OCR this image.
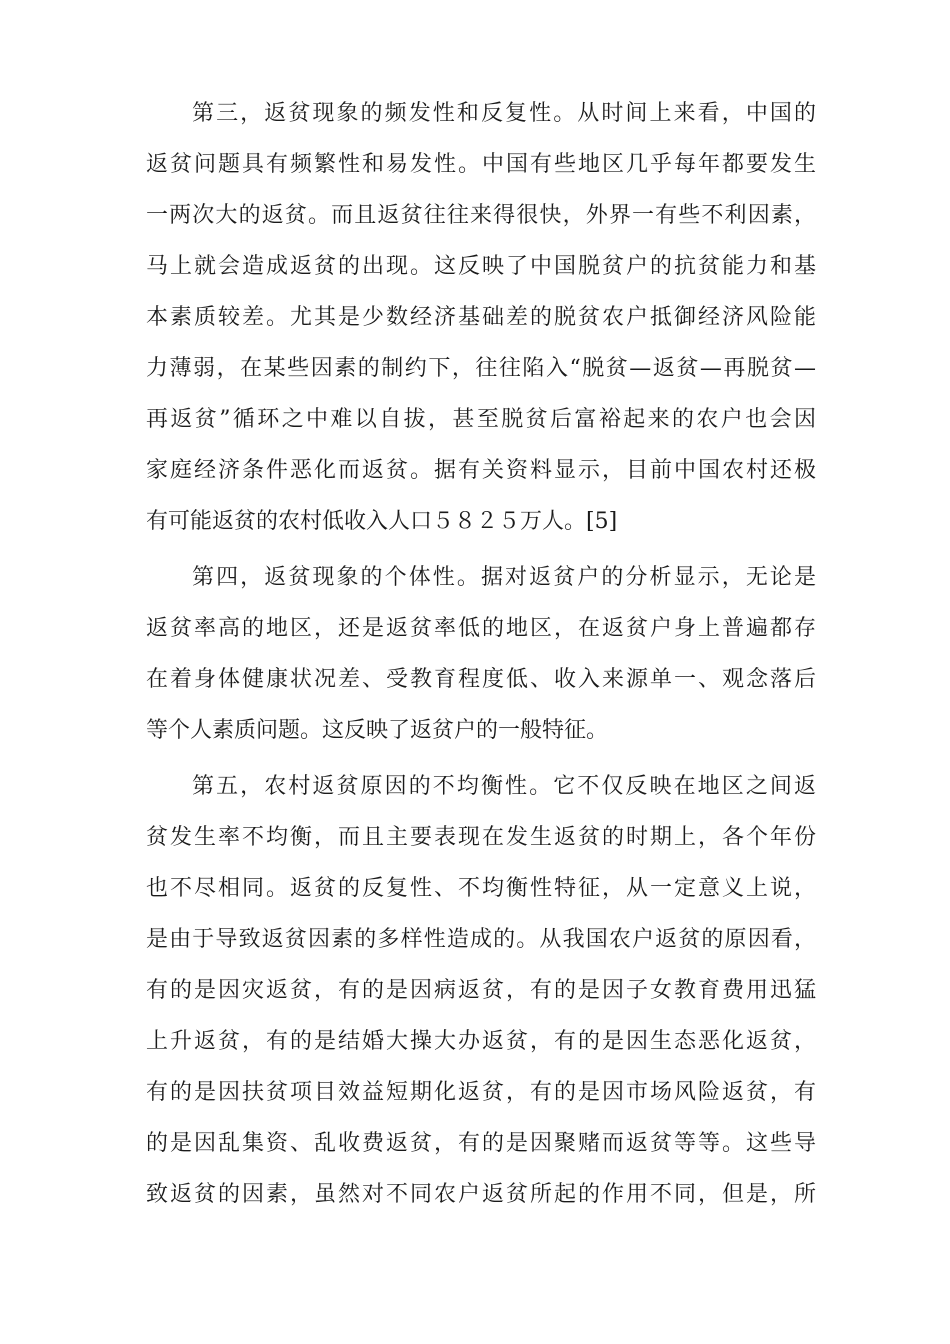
第三，返贫现象的频发性和反复性。从时间上来看，中国的
返贫问题具有频繁性和易发性。中国有些地区几乎每年都要发生
一两次大的返贫。而且返贫往往来得很快，外界一有些不利因素，
马上就会造成返贫的出现。这反映了中国脱贫户的抗贫能力和基
本素质较差。尤其是少数经济基础差的脱贫农户抵御经济风险能
力薄弱，在某些因素的制约下，往往陷入“脱贫—返贫—再脱贫—
再返贫”循环之中难以自拔，甚至脱贫后富裕起来的农户也会因
家庭经济条件恶化而返贫。据有关资料显示，目前中国农村还极
有可能返贫的农村低收入人口５８２５万人。[5]
第四，返贫现象的个体性。据对返贫户的分析显示，无论是
返贫率高的地区，还是返贫率低的地区，在返贫户身上普遍都存
在着身体健康状况差、受教育程度低、收入来源单一、观念落后
等个人素质问题。这反映了返贫户的一般特征。
第五，农村返贫原因的不均衡性。它不仅反映在地区之间返
贫发生率不均衡，而且主要表现在发生返贫的时期上，各个年份
也不尽相同。返贫的反复性、不均衡性特征，从一定意义上说，
是由于导致返贫因素的多样性造成的。从我国农户返贫的原因看，
有的是因灾返贫，有的是因病返贫，有的是因子女教育费用迅猛
上升返贫，有的是结婚大操大办返贫，有的是因生态恶化返贫，
有的是因扶贫项目效益短期化返贫，有的是因市场风险返贫，有
的是因乱集资、乱收费返贫，有的是因聚赌而返贫等等。这些导
致返贫的因素，虽然对不同农户返贫所起的作用不同，但是，所
